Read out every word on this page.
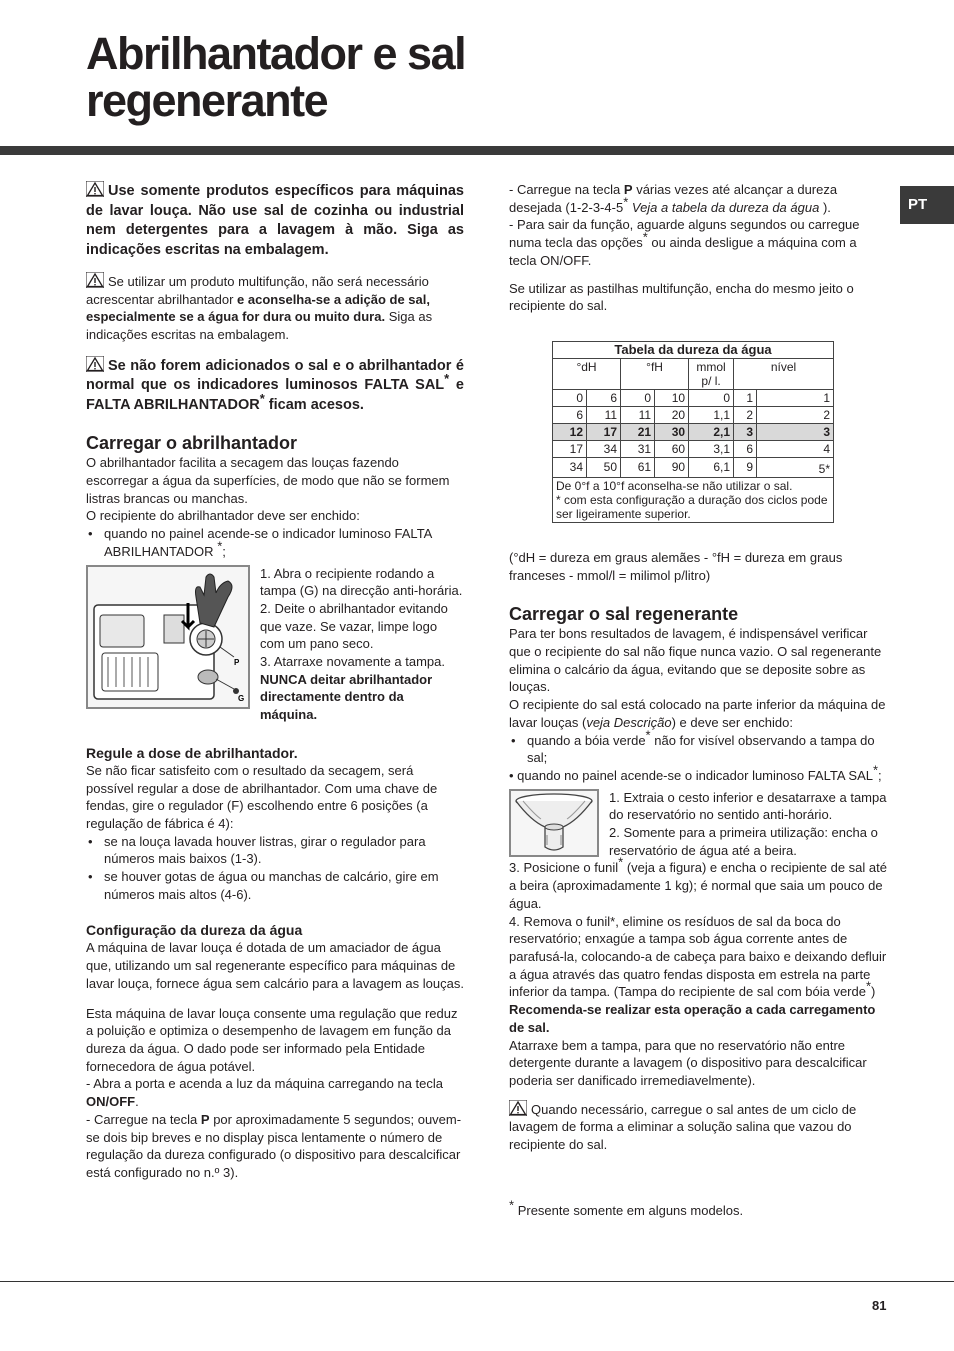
Abrilhantador e sal
regenerante
PT

Use somente produtos específicos para máquinas de lavar louça. Não use sal de cozinha ou industrial nem detergentes para a lavagem à mão. Siga as indicações escritas na embalagem.

Se utilizar um produto multifunção, não será necessário acrescentar abrilhantador e aconselha-se a adição de sal, especialmente se a água for dura ou muito dura. Siga as indicações escritas na embalagem.

Se não forem adicionados o sal e o abrilhantador é normal que os indicadores luminosos FALTA SAL* e FALTA ABRILHANTADOR* ficam acesos.

Carregar o abrilhantador

O abrilhantador facilita a secagem das louças fazendo escorregar a água da superfícies, de modo que não se formem listras brancas ou manchas.

O recipiente do abrilhantador deve ser enchido:

• quando no painel acende-se o indicador luminoso FALTA ABRILHANTADOR *;

P
G

1. Abra o recipiente rodando a tampa (G) na direcção anti-horária.

2. Deite o abrilhantador evitando que vaze. Se vazar, limpe logo com um pano seco.

3. Atarraxe novamente a tampa.

NUNCA deitar abrilhantador directamente dentro da máquina.

Regule a dose de abrilhantador.

Se não ficar satisfeito com o resultado da secagem, será possível regular a dose de abrilhantador. Com uma chave de fendas, gire o regulador (F) escolhendo entre 6 posições (a regulação de fábrica é 4):

• se na louça lavada houver listras, girar o regulador para números mais baixos (1-3).

• se houver gotas de água ou manchas de calcário, gire em números mais altos (4-6).

Configuração da dureza da água

A máquina de lavar louça é dotada de um amaciador de água que, utilizando um sal regenerante específico para máquinas de lavar louça, fornece água sem calcário para a lavagem as louças.

Esta máquina de lavar louça consente uma regulação que reduz a poluição e optimiza o desempenho de lavagem em função da dureza da água. O dado pode ser informado pela Entidade fornecedora de água potável.

- Abra a porta e acenda a luz da máquina carregando na tecla ON/OFF.

- Carregue na tecla P por aproximadamente 5 segundos; ouvem-se dois bip breves e no display pisca lentamente o número de regulação da dureza configurado (o dispositivo para descalcificar está configurado no n.º 3).

- Carregue na tecla P várias vezes até alcançar a dureza desejada (1-2-3-4-5* Veja a tabela da dureza da água ).

- Para sair da função, aguarde alguns segundos ou carregue numa tecla das opções* ou ainda desligue a máquina com a tecla ON/OFF.

Se utilizar as pastilhas multifunção, encha do mesmo jeito o recipiente do sal.

Tabela da dureza da água						
°dH		°fH		mmol p/ l.	nível	
0	6	0	10	0	1	1
6	11	11	20	1,1	2	2
12	17	21	30	2,1	3	3
17	34	31	60	3,1	6	4
34	50	61	90	6,1	9	5*
De 0°f a 10°f aconselha-se não utilizar o sal.
* com esta configuração a duração dos ciclos pode ser ligeiramente superior.						

(°dH = dureza em graus alemães - °fH = dureza em graus franceses - mmol/l = milimol p/litro)

Carregar o sal regenerante

Para ter bons resultados de lavagem, é indispensável verificar que o recipiente do sal não fique nunca vazio. O sal regenerante elimina o calcário da água, evitando que se deposite sobre as louças.

O recipiente do sal está colocado na parte inferior da máquina de lavar louças (veja Descrição) e deve ser enchido:

• quando a bóia verde* não for visível observando a tampa do sal;

• quando no painel acende-se o indicador luminoso FALTA SAL*;

1. Extraia o cesto inferior e desatarraxe a tampa do reservatório no sentido anti-horário.

2. Somente para a primeira utilização: encha o reservatório de água até a beira.

3. Posicione o funil* (veja a figura) e encha o recipiente de sal até a beira (aproximadamente 1 kg); é normal que saia um pouco de água.

4. Remova o funil*, elimine os resíduos de sal da boca do reservatório; enxagúe a tampa sob água corrente antes de parafusá-la, colocando-a de cabeça para baixo e deixando defluir a água através das quatro fendas disposta em estrela na parte inferior da tampa. (Tampa do recipiente de sal com bóia verde*)

Recomenda-se realizar esta operação a cada carregamento de sal.

Atarraxe bem a tampa, para que no reservatório não entre detergente durante a lavagem (o dispositivo para descalcificar poderia ser danificado irremediavelmente).

Quando necessário, carregue o sal antes de um ciclo de lavagem de forma a eliminar a solução salina que vazou do recipiente do sal.

* Presente somente em alguns modelos.

81
